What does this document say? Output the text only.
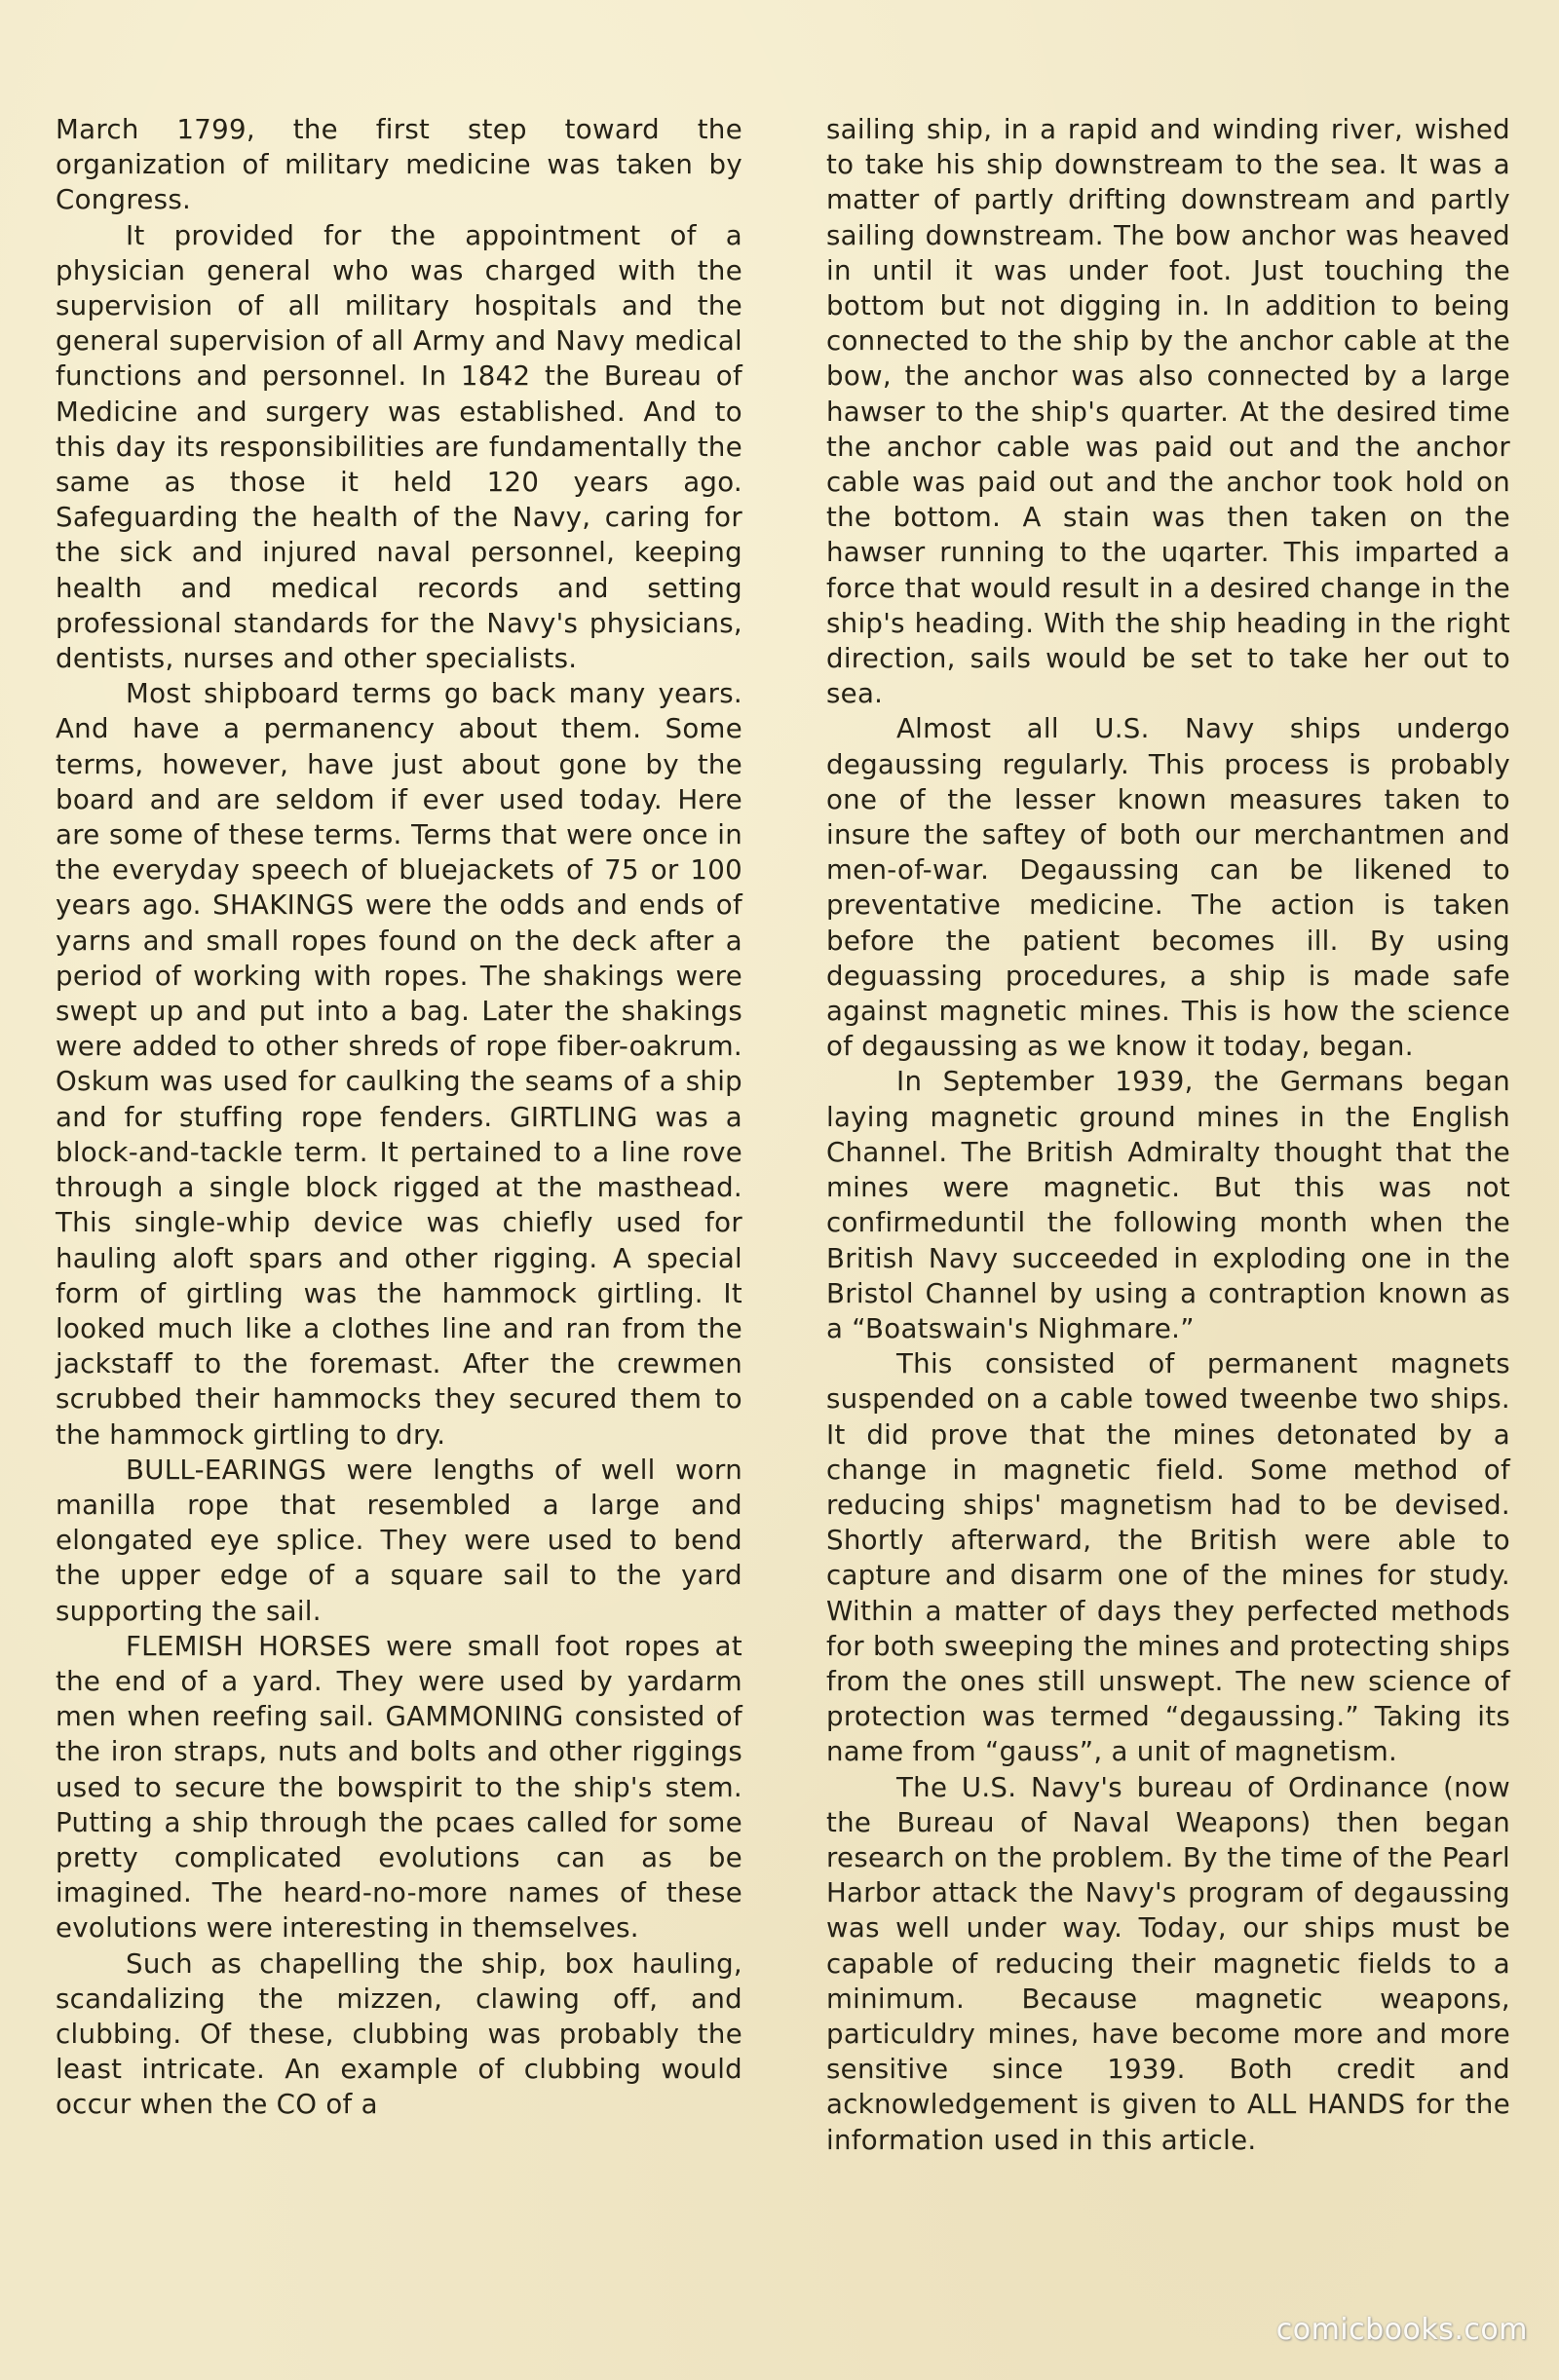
March 1799, the first step toward the organization of military medicine was taken by Congress.

It provided for the appointment of a physician general who was charged with the supervision of all military hospitals and the general supervision of all Army and Navy medical functions and personnel. In 1842 the Bureau of Medicine and surgery was established. And to this day its responsibilities are fundamentally the same as those it held 120 years ago. Safeguarding the health of the Navy, caring for the sick and injured naval personnel, keeping health and medical records and setting professional standards for the Navy's physicians, dentists, nurses and other specialists.

Most shipboard terms go back many years. And have a permanency about them. Some terms, however, have just about gone by the board and are seldom if ever used today. Here are some of these terms. Terms that were once in the everyday speech of bluejackets of 75 or 100 years ago. SHAKINGS were the odds and ends of yarns and small ropes found on the deck after a period of working with ropes. The shakings were swept up and put into a bag. Later the shakings were added to other shreds of rope fiber-oakrum. Oskum was used for caulking the seams of a ship and for stuffing rope fenders. GIRTLING was a block-and-tackle term. It pertained to a line rove through a single block rigged at the masthead. This single-whip device was chiefly used for hauling aloft spars and other rigging. A special form of girtling was the hammock girtling. It looked much like a clothes line and ran from the jackstaff to the foremast. After the crewmen scrubbed their hammocks they secured them to the hammock girtling to dry.

BULL-EARINGS were lengths of well worn manilla rope that resembled a large and elongated eye splice. They were used to bend the upper edge of a square sail to the yard supporting the sail.

FLEMISH HORSES were small foot ropes at the end of a yard. They were used by yardarm men when reefing sail. GAMMONING consisted of the iron straps, nuts and bolts and other riggings used to secure the bowspirit to the ship's stem. Putting a ship through the pcaes called for some pretty complicated evolutions can as be imagined. The heard-no-more names of these evolutions were interesting in themselves.

Such as chapelling the ship, box hauling, scandalizing the mizzen, clawing off, and clubbing. Of these, clubbing was probably the least intricate. An example of clubbing would occur when the CO of a

sailing ship, in a rapid and winding river, wished to take his ship downstream to the sea. It was a matter of partly drifting downstream and partly sailing downstream. The bow anchor was heaved in until it was under foot. Just touching the bottom but not digging in. In addition to being connected to the ship by the anchor cable at the bow, the anchor was also connected by a large hawser to the ship's quarter. At the desired time the anchor cable was paid out and the anchor cable was paid out and the anchor took hold on the bottom. A stain was then taken on the hawser running to the uqarter. This imparted a force that would result in a desired change in the ship's heading. With the ship heading in the right direction, sails would be set to take her out to sea.

Almost all U.S. Navy ships undergo degaussing regularly. This process is probably one of the lesser known measures taken to insure the saftey of both our merchantmen and men-of-war. Degaussing can be likened to preventative medicine. The action is taken before the patient becomes ill. By using deguassing procedures, a ship is made safe against magnetic mines. This is how the science of degaussing as we know it today, began.

In September 1939, the Germans began laying magnetic ground mines in the English Channel. The British Admiralty thought that the mines were magnetic. But this was not confirmeduntil the following month when the British Navy succeeded in exploding one in the Bristol Channel by using a contraption known as a “Boatswain's Nighmare.”

This consisted of permanent magnets suspended on a cable towed tweenbe two ships. It did prove that the mines detonated by a change in magnetic field. Some method of reducing ships' magnetism had to be devised. Shortly afterward, the British were able to capture and disarm one of the mines for study. Within a matter of days they perfected methods for both sweeping the mines and protecting ships from the ones still unswept. The new science of protection was termed “degaussing.” Taking its name from “gauss”, a unit of magnetism.

The U.S. Navy's bureau of Ordinance (now the Bureau of Naval Weapons) then began research on the problem. By the time of the Pearl Harbor attack the Navy's program of degaussing was well under way. Today, our ships must be capable of reducing their magnetic fields to a minimum. Because magnetic weapons, particuldry mines, have become more and more sensitive since 1939. Both credit and acknowledgement is given to ALL HANDS for the information used in this article.

comicbooks.com
